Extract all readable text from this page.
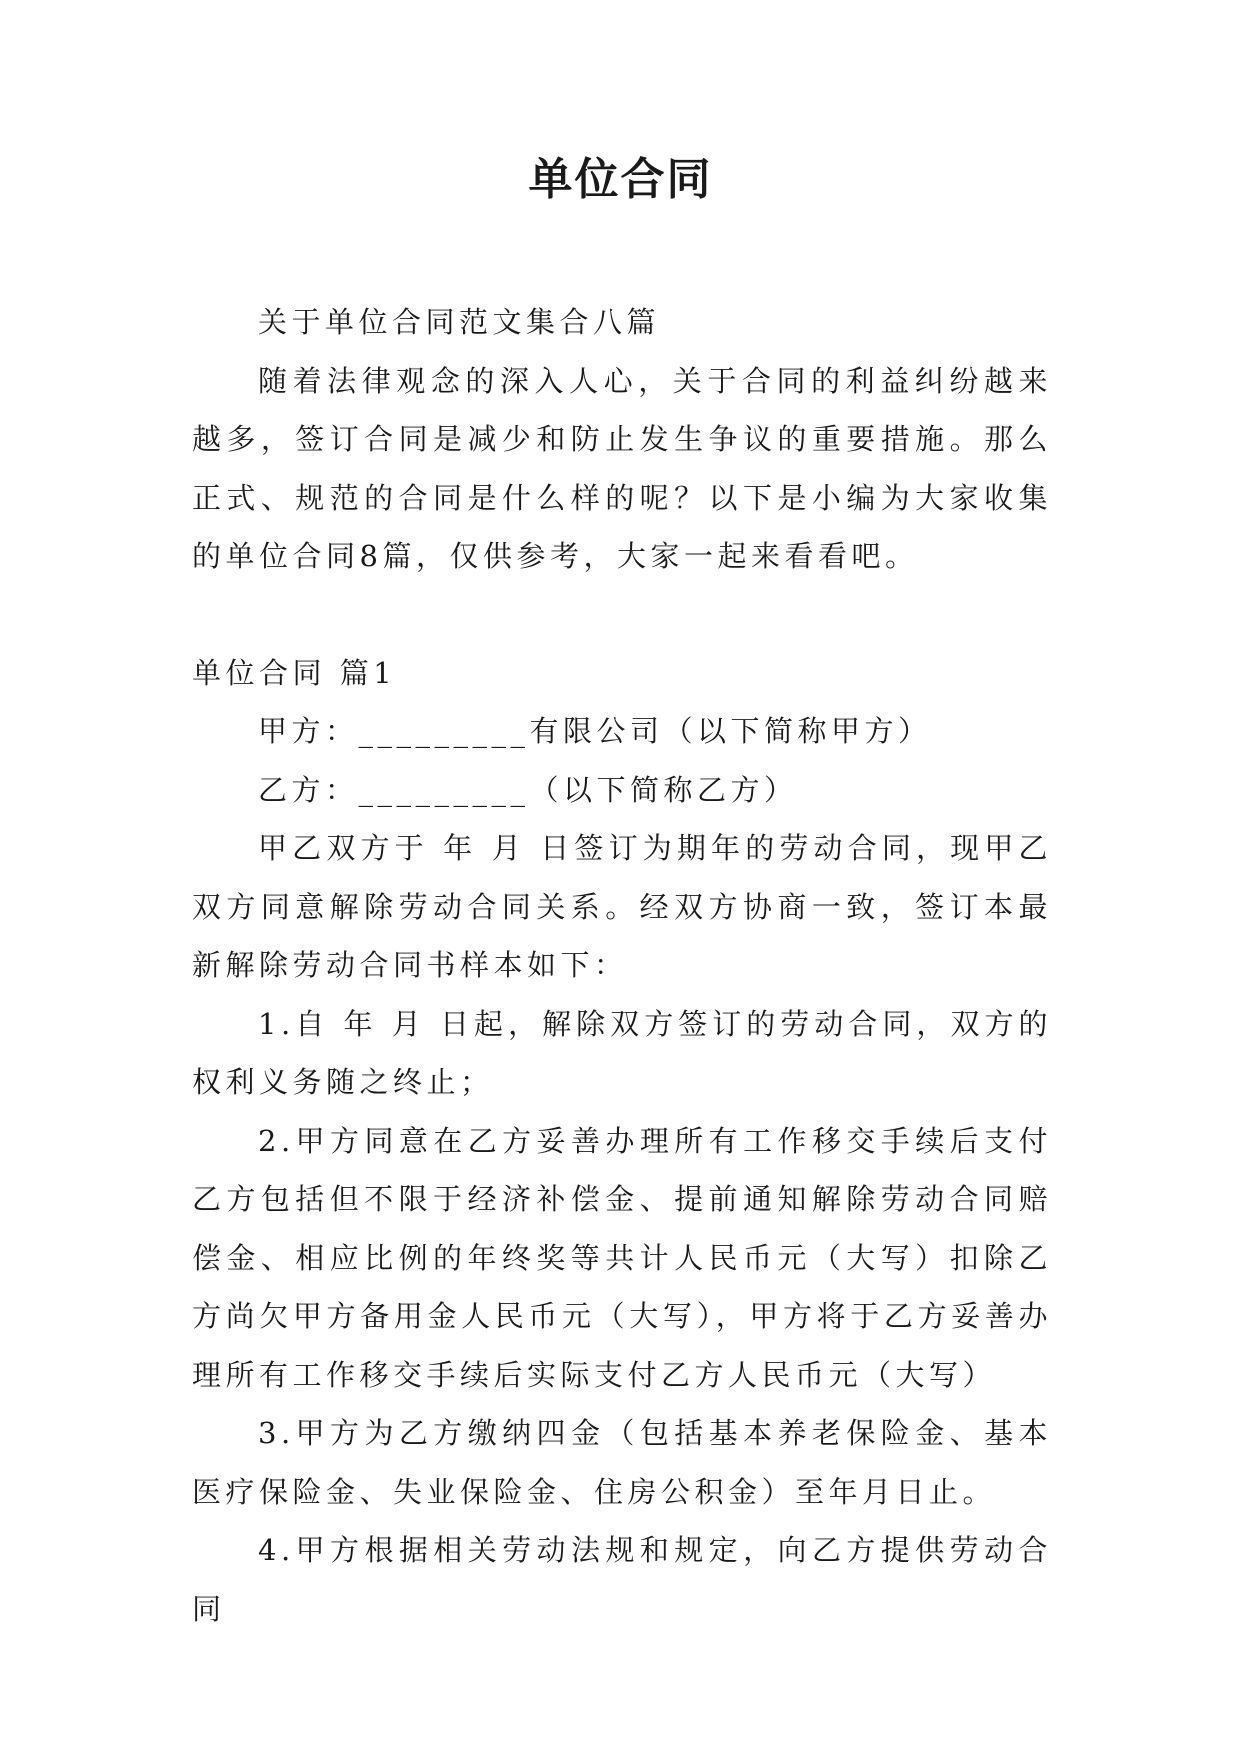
单位合同

关于单位合同范文集合八篇

随着法律观念的深入人心，关于合同的利益纠纷越来越多，签订合同是减少和防止发生争议的重要措施。那么正式、规范的合同是什么样的呢？以下是小编为大家收集的单位合同8篇，仅供参考，大家一起来看看吧。

单位合同 篇1

甲方：_________有限公司（以下简称甲方）

乙方：_________（以下简称乙方）

甲乙双方于 年 月 日签订为期年的劳动合同，现甲乙双方同意解除劳动合同关系。经双方协商一致，签订本最新解除劳动合同书样本如下：

1.自 年 月 日起，解除双方签订的劳动合同，双方的权利义务随之终止；

2.甲方同意在乙方妥善办理所有工作移交手续后支付乙方包括但不限于经济补偿金、提前通知解除劳动合同赔偿金、相应比例的年终奖等共计人民币元（大写）扣除乙方尚欠甲方备用金人民币元（大写），甲方将于乙方妥善办理所有工作移交手续后实际支付乙方人民币元（大写）

3.甲方为乙方缴纳四金（包括基本养老保险金、基本医疗保险金、失业保险金、住房公积金）至年月日止。

4.甲方根据相关劳动法规和规定，向乙方提供劳动合同
